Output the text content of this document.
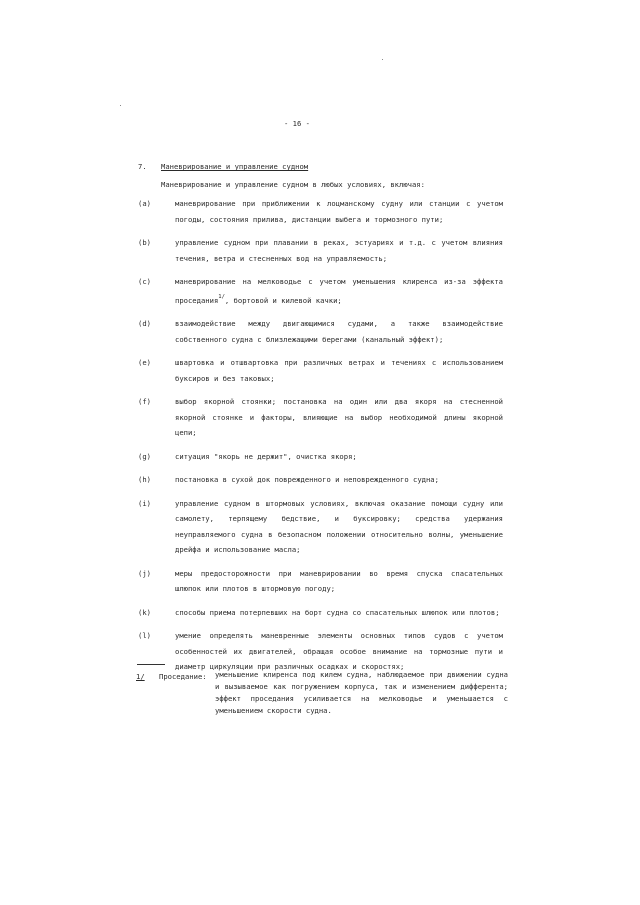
- 16 -
7. Маневрирование и управление судном
Маневрирование и управление судном в любых условиях, включая:
(a)	маневрирование при приближении к лоцманскому судну или станции с учетом погоды, состояния прилива, дистанции выбега и тормозного пути;
(b)	управление судном при плавании в реках, эстуариях и т.д. с учетом влияния течения, ветра и стесненных вод на управляемость;
(c)	маневрирование на мелководье с учетом уменьшения клиренса из-за эффекта проседания$^{1/}$, бортовой и килевой качки;
(d)	взаимодействие между двигающимися судами, а также взаимодействие собственного судна с близлежащими берегами (канальный эффект);
(e)	швартовка и отшвартовка при различных ветрах и течениях с использованием буксиров и без таковых;
(f)	выбор якорной стоянки; постановка на один или два якоря на стесненной якорной стоянке и факторы, влияющие на выбор необходимой длины якорной цепи;
(g)	ситуация "якорь не держит", очистка якоря;
(h)	постановка в сухой док поврежденного и неповрежденного судна;
(i)	управление судном в штормовых условиях, включая оказание помощи судну или самолету, терпящему бедствие, и буксировку; средства удержания неуправляемого судна в безопасном положении относительно волны, уменьшение дрейфа и использование масла;
(j)	меры предосторожности при маневрировании во время спуска спасательных шлюпок или плотов в штормовую погоду;
(k)	способы приема потерпевших на борт судна со спасательных шлюпок или плотов;
(l)	умение определять маневренные элементы основных типов судов с учетом особенностей их двигателей, обращая особое внимание на тормозные пути и диаметр циркуляции при различных осадках и скоростях;
1/ Проседание: уменьшение клиренса под килем судна, наблюдаемое при движении судна и вызываемое как погружением корпуса, так и изменением дифферента; эффект проседания усиливается на мелководье и уменьшается с уменьшением скорости судна.
